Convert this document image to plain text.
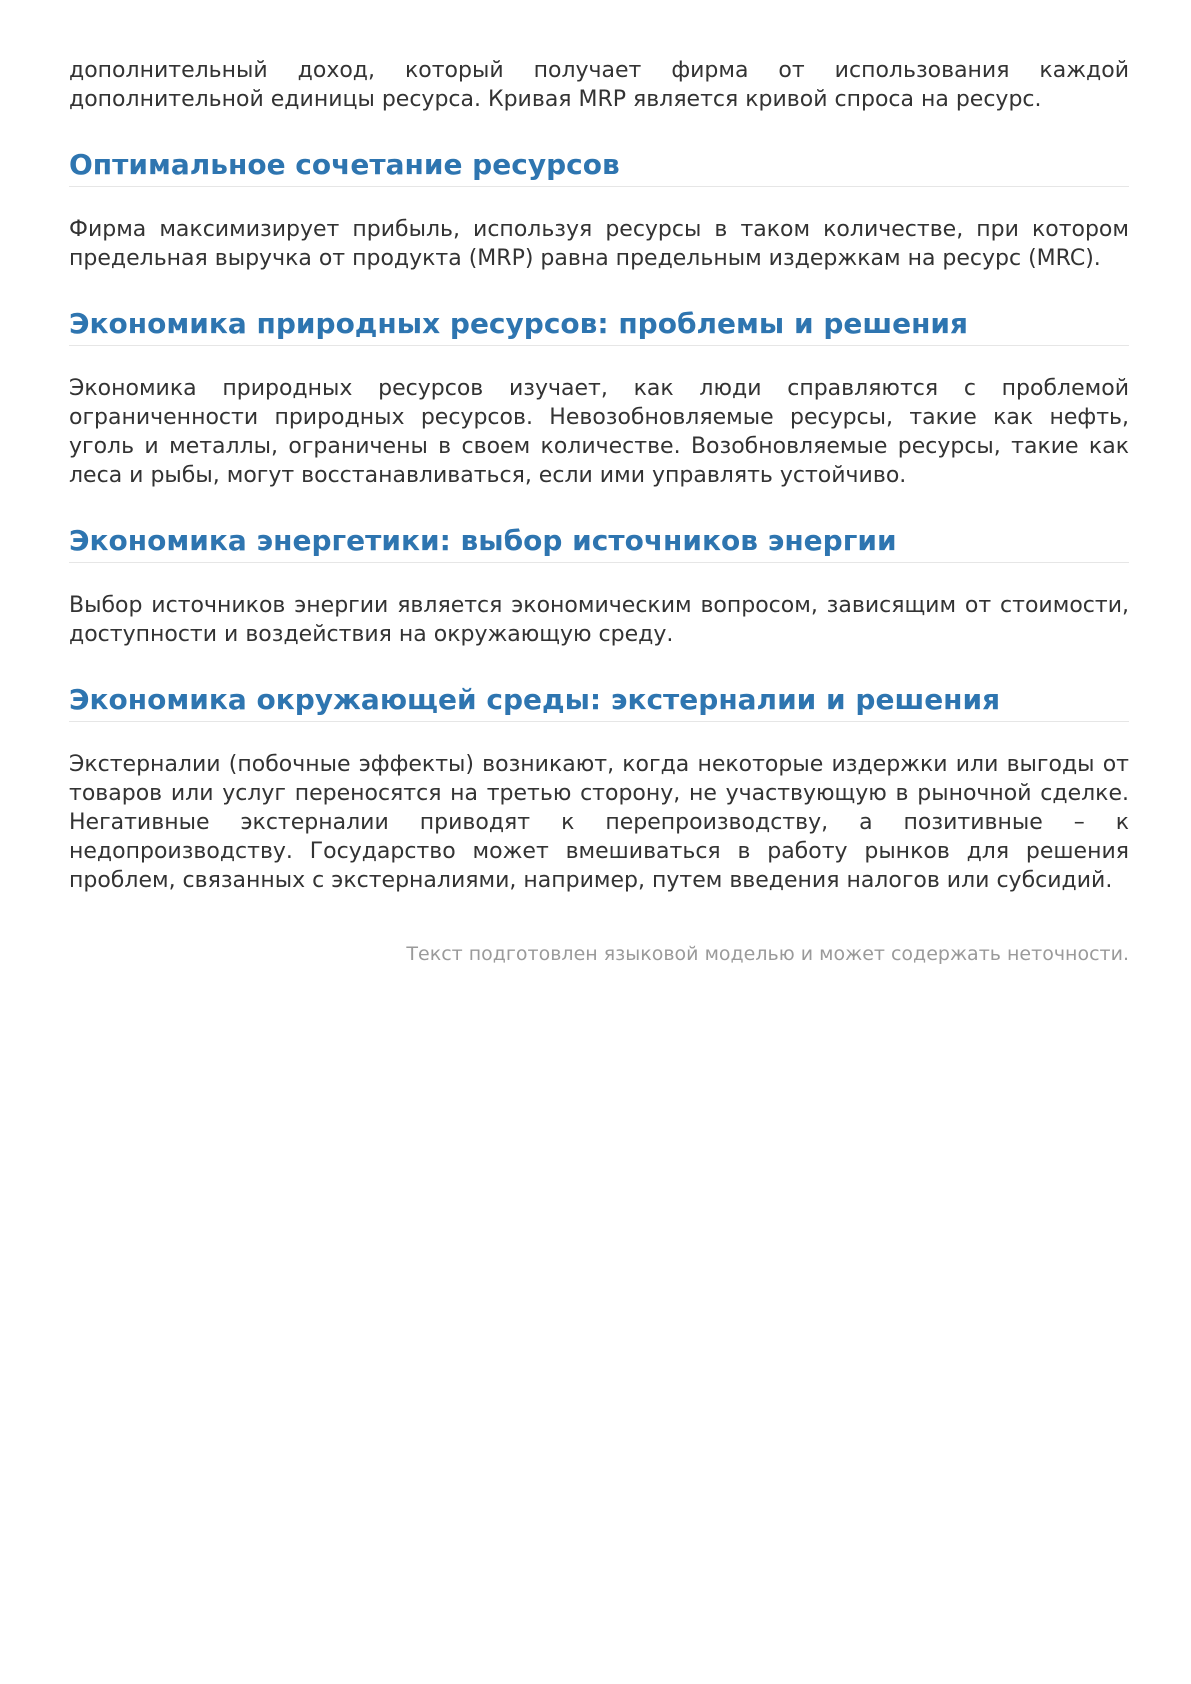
дополнительный доход, который получает фирма от использования каждой дополнительной единицы ресурса. Кривая MRP является кривой спроса на ресурс.

Оптимальное сочетание ресурсов

Фирма максимизирует прибыль, используя ресурсы в таком количестве, при котором предельная выручка от продукта (MRP) равна предельным издержкам на ресурс (MRC).

Экономика природных ресурсов: проблемы и решения

Экономика природных ресурсов изучает, как люди справляются с проблемой ограниченности природных ресурсов. Невозобновляемые ресурсы, такие как нефть, уголь и металлы, ограничены в своем количестве. Возобновляемые ресурсы, такие как леса и рыбы, могут восстанавливаться, если ими управлять устойчиво.

Экономика энергетики: выбор источников энергии

Выбор источников энергии является экономическим вопросом, зависящим от стоимости, доступности и воздействия на окружающую среду.

Экономика окружающей среды: экстерналии и решения

Экстерналии (побочные эффекты) возникают, когда некоторые издержки или выгоды от товаров или услуг переносятся на третью сторону, не участвующую в рыночной сделке. Негативные экстерналии приводят к перепроизводству, а позитивные – к недопроизводству. Государство может вмешиваться в работу рынков для решения проблем, связанных с экстерналиями, например, путем введения налогов или субсидий.

Текст подготовлен языковой моделью и может содержать неточности.
